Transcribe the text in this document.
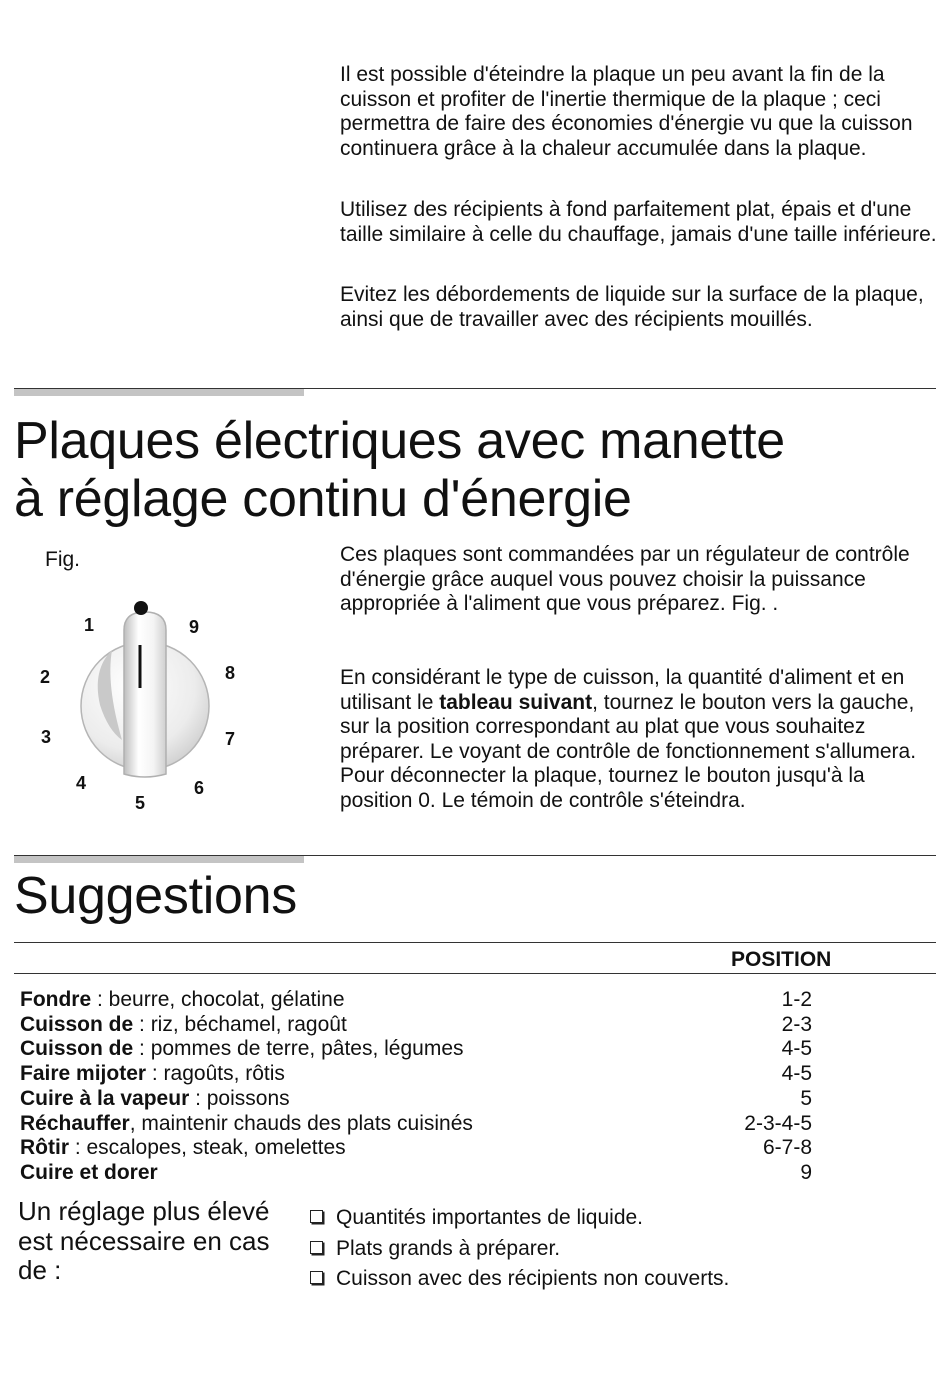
Il est possible d'éteindre la plaque un peu avant la fin de la cuisson et profiter de l'inertie thermique de la plaque ; ceci permettra de faire des économies d'énergie vu que la cuisson continuera grâce à la chaleur accumulée dans la plaque.

Utilisez des récipients à fond parfaitement plat, épais et d'une taille similaire à celle du chauffage, jamais d'une taille inférieure.

Evitez les débordements de liquide sur la surface de la plaque, ainsi que de travailler avec des récipients mouillés.

Plaques électriques avec manette
à réglage continu d'énergie
Fig.
1
2
3
4
5
6
7
8
9

Ces plaques sont commandées par un régulateur de contrôle d'énergie grâce auquel vous pouvez choisir la puissance appropriée à l'aliment que vous préparez. Fig. .

En considérant le type de cuisson, la quantité d'aliment et en utilisant le tableau suivant, tournez le bouton vers la gauche, sur la position correspondant au plat que vous souhaitez préparer. Le voyant de contrôle de fonctionnement s'allumera. Pour déconnecter la plaque, tournez le bouton jusqu'à la position 0. Le témoin de contrôle s'éteindra.

Suggestions
POSITION
Fondre : beurre, chocolat, gélatine	1-2
Cuisson de : riz, béchamel, ragoût	2-3
Cuisson de : pommes de terre, pâtes, légumes	4-5
Faire mijoter : ragoûts, rôtis	4-5
Cuire à la vapeur : poissons	5
Réchauffer, maintenir chauds des plats cuisinés	2-3-4-5
Rôtir : escalopes, steak, omelettes	6-7-8
Cuire et dorer	9
Un réglage plus élevé est nécessaire en cas de :
Quantités importantes de liquide.
Plats grands à préparer.
Cuisson avec des récipients non couverts.
